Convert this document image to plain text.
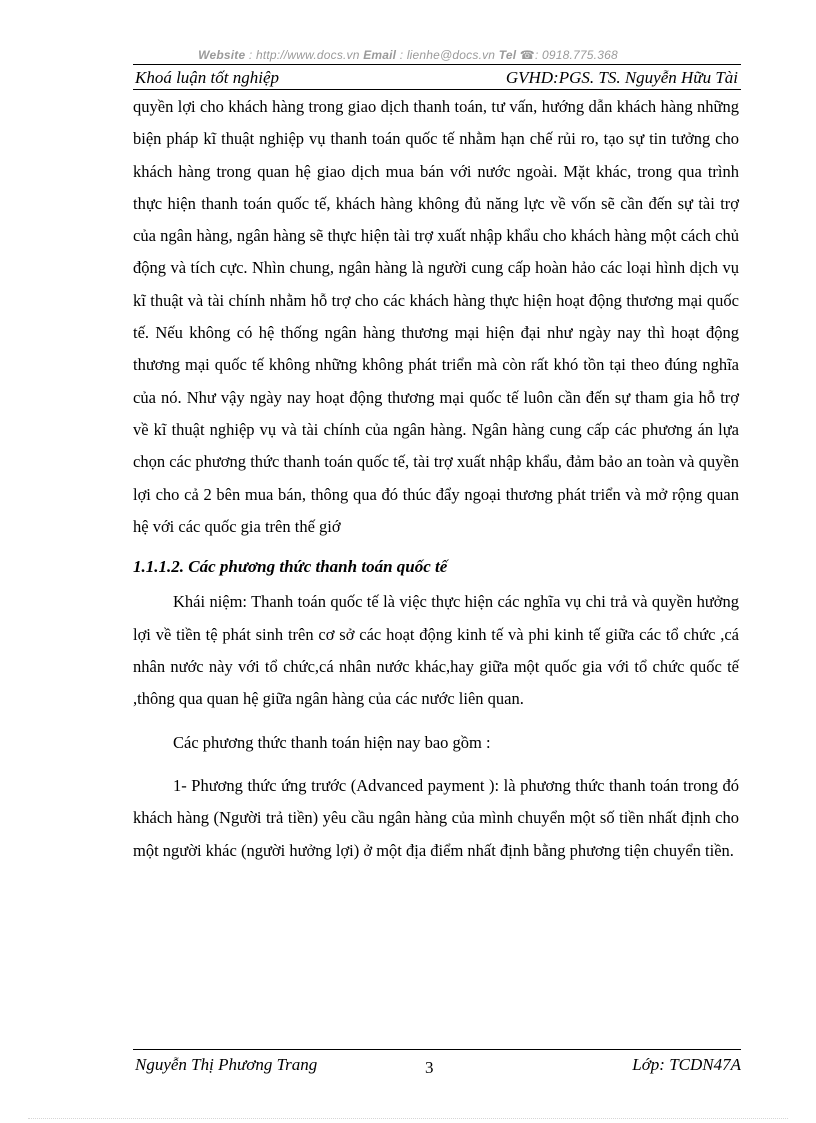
Website : http://www.docs.vn Email : lienhe@docs.vn Tel ☎: 0918.775.368
Khoá luận tốt nghiệp	GVHD:PGS. TS. Nguyễn Hữu Tài

quyền lợi cho khách hàng trong giao dịch thanh toán, tư vấn, hướng dẫn khách hàng những biện pháp kĩ thuật nghiệp vụ thanh toán quốc tế nhằm hạn chế rủi ro, tạo sự tin tưởng cho khách hàng trong quan hệ giao dịch mua bán với nước ngoài. Mặt khác, trong qua trình thực hiện thanh toán quốc tế, khách hàng không đủ năng lực về vốn sẽ cần đến sự tài trợ của ngân hàng, ngân hàng sẽ thực hiện tài trợ xuất nhập khẩu cho khách hàng một cách chủ động và tích cực. Nhìn chung, ngân hàng là người cung cấp hoàn hảo các loại hình dịch vụ kĩ thuật và tài chính nhằm hỗ trợ cho các khách hàng thực hiện hoạt động thương mại quốc tế. Nếu không có hệ thống ngân hàng thương mại hiện đại như ngày nay thì hoạt động thương mại quốc tế không những không phát triển mà còn rất khó tồn tại theo đúng nghĩa của nó. Như vậy ngày nay hoạt động thương mại quốc tế luôn cần đến sự tham gia hỗ trợ về kĩ thuật nghiệp vụ và tài chính của ngân hàng. Ngân hàng cung cấp các phương án lựa chọn các phương thức thanh toán quốc tế, tài trợ xuất nhập khẩu, đảm bảo an toàn và quyền lợi cho cả 2 bên mua bán, thông qua đó thúc đẩy ngoại thương phát triển và mở rộng quan hệ với các quốc gia trên thế giớ

1.1.1.2. Các phương thức thanh toán quốc tế

Khái niệm: Thanh toán quốc tế là việc thực hiện các nghĩa vụ chi trả và quyền hưởng lợi về tiền tệ phát sinh trên cơ sở các hoạt động kinh tế và phi kinh tế giữa các tổ chức ,cá nhân nước này với tổ chức,cá nhân nước khác,hay giữa một quốc gia với tổ chức quốc tế ,thông qua quan hệ giữa ngân hàng của các nước liên quan.

Các phương thức thanh toán hiện nay bao gồm :

1- Phương thức ứng trước (Advanced payment ): là phương thức thanh toán trong đó khách hàng (Người trả tiền) yêu cầu ngân hàng của mình chuyển một số tiền nhất định cho một người khác (người hưởng lợi) ở một địa điểm nhất định bằng phương tiện chuyển tiền.

Nguyễn Thị Phương Trang	3	Lớp: TCDN47A
